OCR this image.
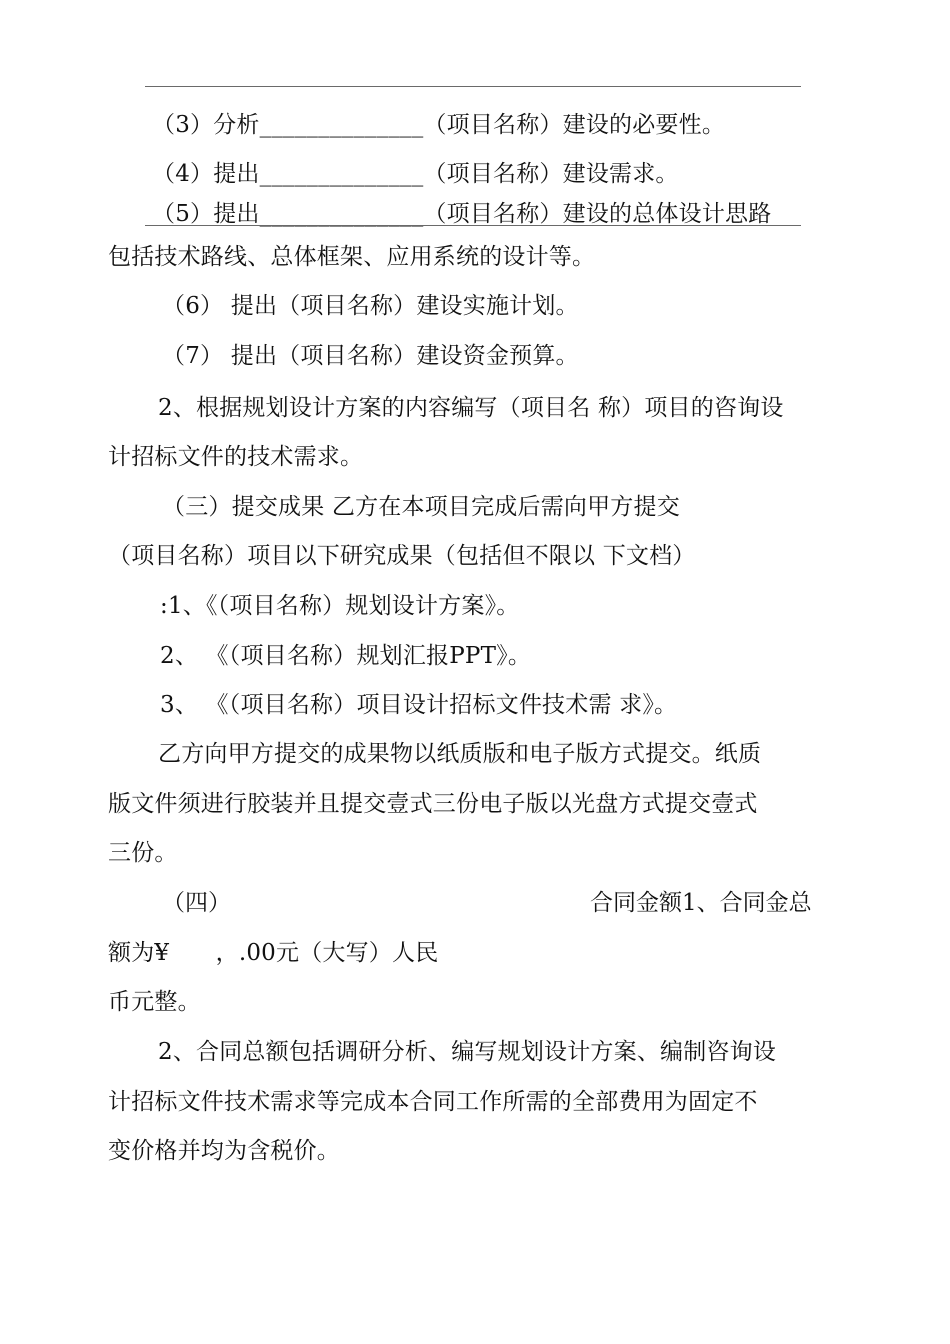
（3）分析______________（项目名称）建设的必要性。
（4）提出______________（项目名称）建设需求。
（5）提出______________（项目名称）建设的总体设计思路
包括技术路线、总体框架、应用系统的设计等。
（6） 提出（项目名称）建设实施计划。
（7） 提出（项目名称）建设资金预算。
2、根据规划设计方案的内容编写（项目名 称）项目的咨询设
计招标文件的技术需求。
（三）提交成果 乙方在本项目完成后需向甲方提交
（项目名称）项目以下研究成果（包括但不限以 下文档）
:1、《（项目名称）规划设计方案》。
2、 《（项目名称）规划汇报PPT》。
3、 《（项目名称）项目设计招标文件技术需 求》。
乙方向甲方提交的成果物以纸质版和电子版方式提交。纸质
版文件须进行胶装并且提交壹式三份电子版以光盘方式提交壹式
三份。
（四）	合同金额1、合同金总
额为¥　　，.00元（大写）人民
币元整。
2、合同总额包括调研分析、编写规划设计方案、编制咨询设
计招标文件技术需求等完成本合同工作所需的全部费用为固定不
变价格并均为含税价。
